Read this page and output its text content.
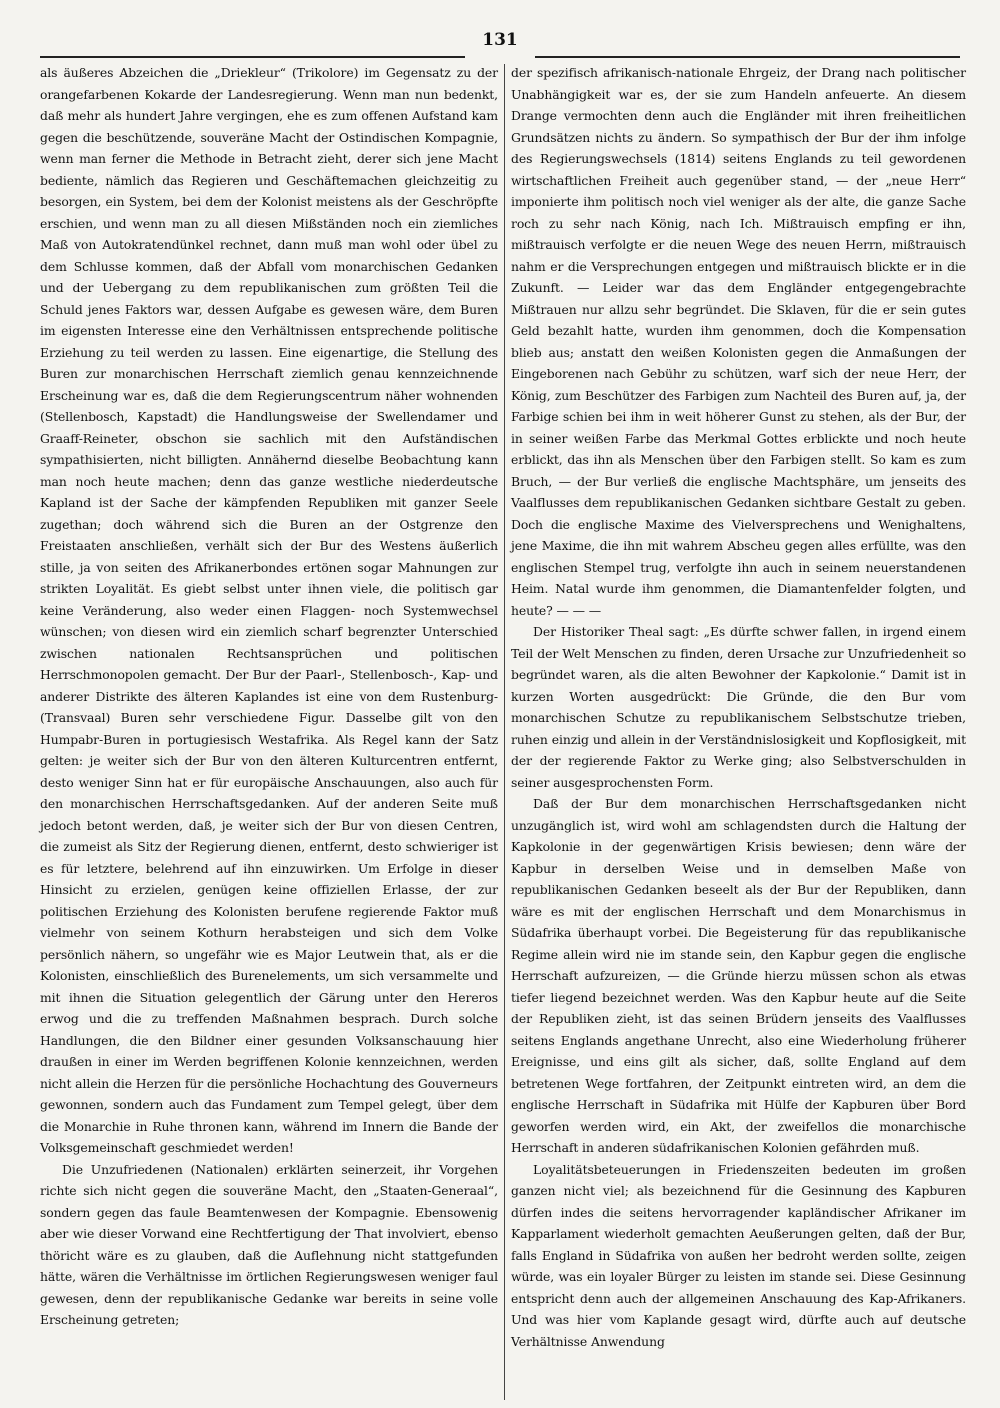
131

als äußeres Abzeichen die „Driekleur“ (Trikolore) im Gegensatz zu der orangefarbenen Kokarde der Landesregierung. Wenn man nun bedenkt, daß mehr als hundert Jahre vergingen, ehe es zum offenen Aufstand kam gegen die beschützende, souveräne Macht der Ostindischen Kompagnie, wenn man ferner die Methode in Betracht zieht, derer sich jene Macht bediente, nämlich das Regieren und Geschäftemachen gleichzeitig zu besorgen, ein System, bei dem der Kolonist meistens als der Geschröpfte erschien, und wenn man zu all diesen Mißständen noch ein ziemliches Maß von Autokratendünkel rechnet, dann muß man wohl oder übel zu dem Schlusse kommen, daß der Abfall vom monarchischen Gedanken und der Uebergang zu dem republikanischen zum größten Teil die Schuld jenes Faktors war, dessen Aufgabe es gewesen wäre, dem Buren im eigensten Interesse eine den Verhältnissen entsprechende politische Erziehung zu teil werden zu lassen. Eine eigenartige, die Stellung des Buren zur monarchischen Herrschaft ziemlich genau kennzeichnende Erscheinung war es, daß die dem Regierungscentrum näher wohnenden (Stellenbosch, Kapstadt) die Handlungsweise der Swellendamer und Graaff-Reineter, obschon sie sachlich mit den Aufständischen sympathisierten, nicht billigten. Annähernd dieselbe Beobachtung kann man noch heute machen; denn das ganze westliche niederdeutsche Kapland ist der Sache der kämpfenden Republiken mit ganzer Seele zugethan; doch während sich die Buren an der Ostgrenze den Freistaaten anschließen, verhält sich der Bur des Westens äußerlich stille, ja von seiten des Afrikanerbondes ertönen sogar Mahnungen zur strikten Loyalität. Es giebt selbst unter ihnen viele, die politisch gar keine Veränderung, also weder einen Flaggen- noch Systemwechsel wünschen; von diesen wird ein ziemlich scharf begrenzter Unterschied zwischen nationalen Rechtsansprüchen und politischen Herrschmonopolen gemacht. Der Bur der Paarl-, Stellenbosch-, Kap- und anderer Distrikte des älteren Kaplandes ist eine von dem Rustenburg- (Transvaal) Buren sehr verschiedene Figur. Dasselbe gilt von den Humpabr-Buren in portugiesisch Westafrika. Als Regel kann der Satz gelten: je weiter sich der Bur von den älteren Kulturcentren entfernt, desto weniger Sinn hat er für europäische Anschauungen, also auch für den monarchischen Herrschaftsgedanken. Auf der anderen Seite muß jedoch betont werden, daß, je weiter sich der Bur von diesen Centren, die zumeist als Sitz der Regierung dienen, entfernt, desto schwieriger ist es für letztere, belehrend auf ihn einzuwirken. Um Erfolge in dieser Hinsicht zu erzielen, genügen keine offiziellen Erlasse, der zur politischen Erziehung des Kolonisten berufene regierende Faktor muß vielmehr von seinem Kothurn herabsteigen und sich dem Volke persönlich nähern, so ungefähr wie es Major Leutwein that, als er die Kolonisten, einschließlich des Burenelements, um sich versammelte und mit ihnen die Situation gelegentlich der Gärung unter den Hereros erwog und die zu treffenden Maßnahmen besprach. Durch solche Handlungen, die den Bildner einer gesunden Volksanschauung hier draußen in einer im Werden begriffenen Kolonie kennzeichnen, werden nicht allein die Herzen für die persönliche Hochachtung des Gouverneurs gewonnen, sondern auch das Fundament zum Tempel gelegt, über dem die Monarchie in Ruhe thronen kann, während im Innern die Bande der Volksgemeinschaft geschmiedet werden!

Die Unzufriedenen (Nationalen) erklärten seinerzeit, ihr Vorgehen richte sich nicht gegen die souveräne Macht, den „Staaten-Generaal“, sondern gegen das faule Beamtenwesen der Kompagnie. Ebensowenig aber wie dieser Vorwand eine Rechtfertigung der That involviert, ebenso thöricht wäre es zu glauben, daß die Auflehnung nicht stattgefunden hätte, wären die Verhältnisse im örtlichen Regierungswesen weniger faul gewesen, denn der republikanische Gedanke war bereits in seine volle Erscheinung getreten;

der spezifisch afrikanisch-nationale Ehrgeiz, der Drang nach politischer Unabhängigkeit war es, der sie zum Handeln anfeuerte. An diesem Drange vermochten denn auch die Engländer mit ihren freiheitlichen Grundsätzen nichts zu ändern. So sympathisch der Bur der ihm infolge des Regierungswechsels (1814) seitens Englands zu teil gewordenen wirtschaftlichen Freiheit auch gegenüber stand, — der „neue Herr“ imponierte ihm politisch noch viel weniger als der alte, die ganze Sache roch zu sehr nach König, nach Ich. Mißtrauisch empfing er ihn, mißtrauisch verfolgte er die neuen Wege des neuen Herrn, mißtrauisch nahm er die Versprechungen entgegen und mißtrauisch blickte er in die Zukunft. — Leider war das dem Engländer entgegengebrachte Mißtrauen nur allzu sehr begründet. Die Sklaven, für die er sein gutes Geld bezahlt hatte, wurden ihm genommen, doch die Kompensation blieb aus; anstatt den weißen Kolonisten gegen die Anmaßungen der Eingeborenen nach Gebühr zu schützen, warf sich der neue Herr, der König, zum Beschützer des Farbigen zum Nachteil des Buren auf, ja, der Farbige schien bei ihm in weit höherer Gunst zu stehen, als der Bur, der in seiner weißen Farbe das Merkmal Gottes erblickte und noch heute erblickt, das ihn als Menschen über den Farbigen stellt. So kam es zum Bruch, — der Bur verließ die englische Machtsphäre, um jenseits des Vaalflusses dem republikanischen Gedanken sichtbare Gestalt zu geben. Doch die englische Maxime des Vielversprechens und Wenighaltens, jene Maxime, die ihn mit wahrem Abscheu gegen alles erfüllte, was den englischen Stempel trug, verfolgte ihn auch in seinem neuerstandenen Heim. Natal wurde ihm genommen, die Diamantenfelder folgten, und heute? — — —

Der Historiker Theal sagt: „Es dürfte schwer fallen, in irgend einem Teil der Welt Menschen zu finden, deren Ursache zur Unzufriedenheit so begründet waren, als die alten Bewohner der Kapkolonie.“ Damit ist in kurzen Worten ausgedrückt: Die Gründe, die den Bur vom monarchischen Schutze zu republikanischem Selbstschutze trieben, ruhen einzig und allein in der Verständnislosigkeit und Kopflosigkeit, mit der der regierende Faktor zu Werke ging; also Selbstverschulden in seiner ausgesprochensten Form.

Daß der Bur dem monarchischen Herrschaftsgedanken nicht unzugänglich ist, wird wohl am schlagendsten durch die Haltung der Kapkolonie in der gegenwärtigen Krisis bewiesen; denn wäre der Kapbur in derselben Weise und in demselben Maße von republikanischen Gedanken beseelt als der Bur der Republiken, dann wäre es mit der englischen Herrschaft und dem Monarchismus in Südafrika überhaupt vorbei. Die Begeisterung für das republikanische Regime allein wird nie im stande sein, den Kapbur gegen die englische Herrschaft aufzureizen, — die Gründe hierzu müssen schon als etwas tiefer liegend bezeichnet werden. Was den Kapbur heute auf die Seite der Republiken zieht, ist das seinen Brüdern jenseits des Vaalflusses seitens Englands angethane Unrecht, also eine Wiederholung früherer Ereignisse, und eins gilt als sicher, daß, sollte England auf dem betretenen Wege fortfahren, der Zeitpunkt eintreten wird, an dem die englische Herrschaft in Südafrika mit Hülfe der Kapburen über Bord geworfen werden wird, ein Akt, der zweifellos die monarchische Herrschaft in anderen südafrikanischen Kolonien gefährden muß.

Loyalitätsbeteuerungen in Friedenszeiten bedeuten im großen ganzen nicht viel; als bezeichnend für die Gesinnung des Kapburen dürfen indes die seitens hervorragender kapländischer Afrikaner im Kapparlament wiederholt gemachten Aeußerungen gelten, daß der Bur, falls England in Südafrika von außen her bedroht werden sollte, zeigen würde, was ein loyaler Bürger zu leisten im stande sei. Diese Gesinnung entspricht denn auch der allgemeinen Anschauung des Kap-Afrikaners. Und was hier vom Kaplande gesagt wird, dürfte auch auf deutsche Verhältnisse Anwendung
